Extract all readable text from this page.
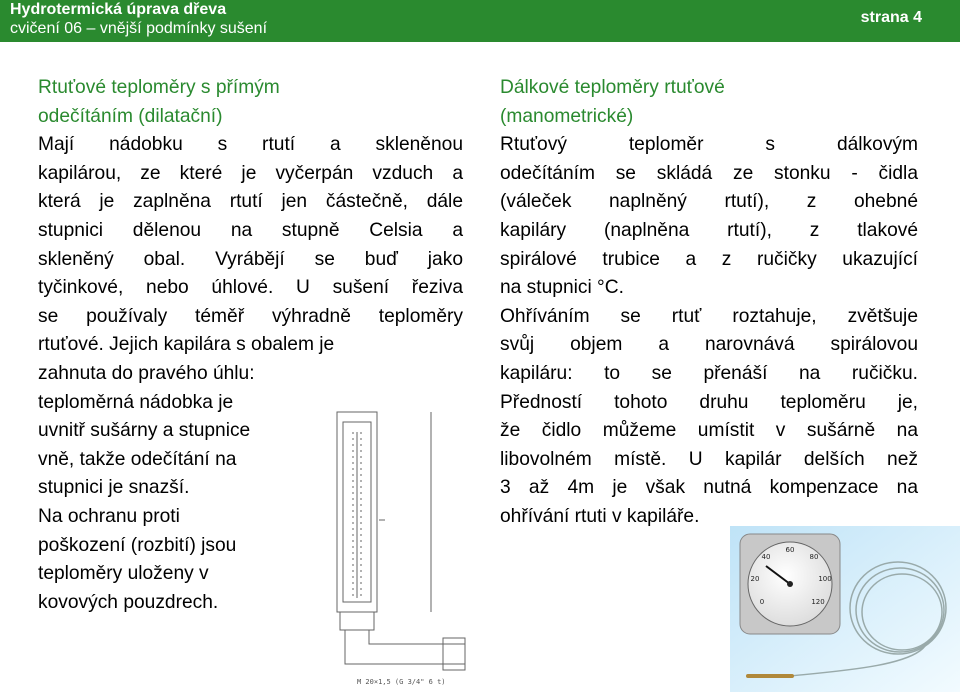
Hydrotermická úprava dřeva
cvičení 06 – vnější podmínky sušení
strana 4

Rtuťové teploměry s přímým
odečítáním (dilatační)

Mají nádobku s rtutí a skleněnou
kapilárou, ze které je vyčerpán vzduch a
která je zaplněna rtutí jen částečně, dále
stupnici dělenou na stupně Celsia a
skleněný obal. Vyrábějí se buď jako
tyčinkové, nebo úhlové. U sušení řeziva
se používaly téměř výhradně teploměry
rtuťové. Jejich kapilára s obalem je
zahnuta do pravého úhlu:
teploměrná nádobka je
uvnitř sušárny a stupnice
vně, takže odečítání na
stupnici je snazší.
Na ochranu proti
poškození (rozbití) jsou
teploměry uloženy v
kovových pouzdrech.

Dálkové teploměry rtuťové
(manometrické)

Rtuťový teploměr s dálkovým
odečítáním se skládá ze stonku - čidla
(váleček naplněný rtutí), z ohebné
kapiláry (naplněna rtutí), z tlakové
spirálové trubice a z ručičky ukazující
na stupnici °C.
Ohříváním se rtuť roztahuje, zvětšuje
svůj objem a narovnává spirálovou
kapiláru: to se přenáší na ručičku.
Předností tohoto druhu teploměru je,
že čidlo můžeme umístit v sušárně na
libovolném místě. U kapilár delších než
3 až 4m je však nutná kompenzace na
ohřívání rtuti v kapiláře.

M 20×1,5 (G 3/4" 6 t)
0
20
40
60
80
100
120
